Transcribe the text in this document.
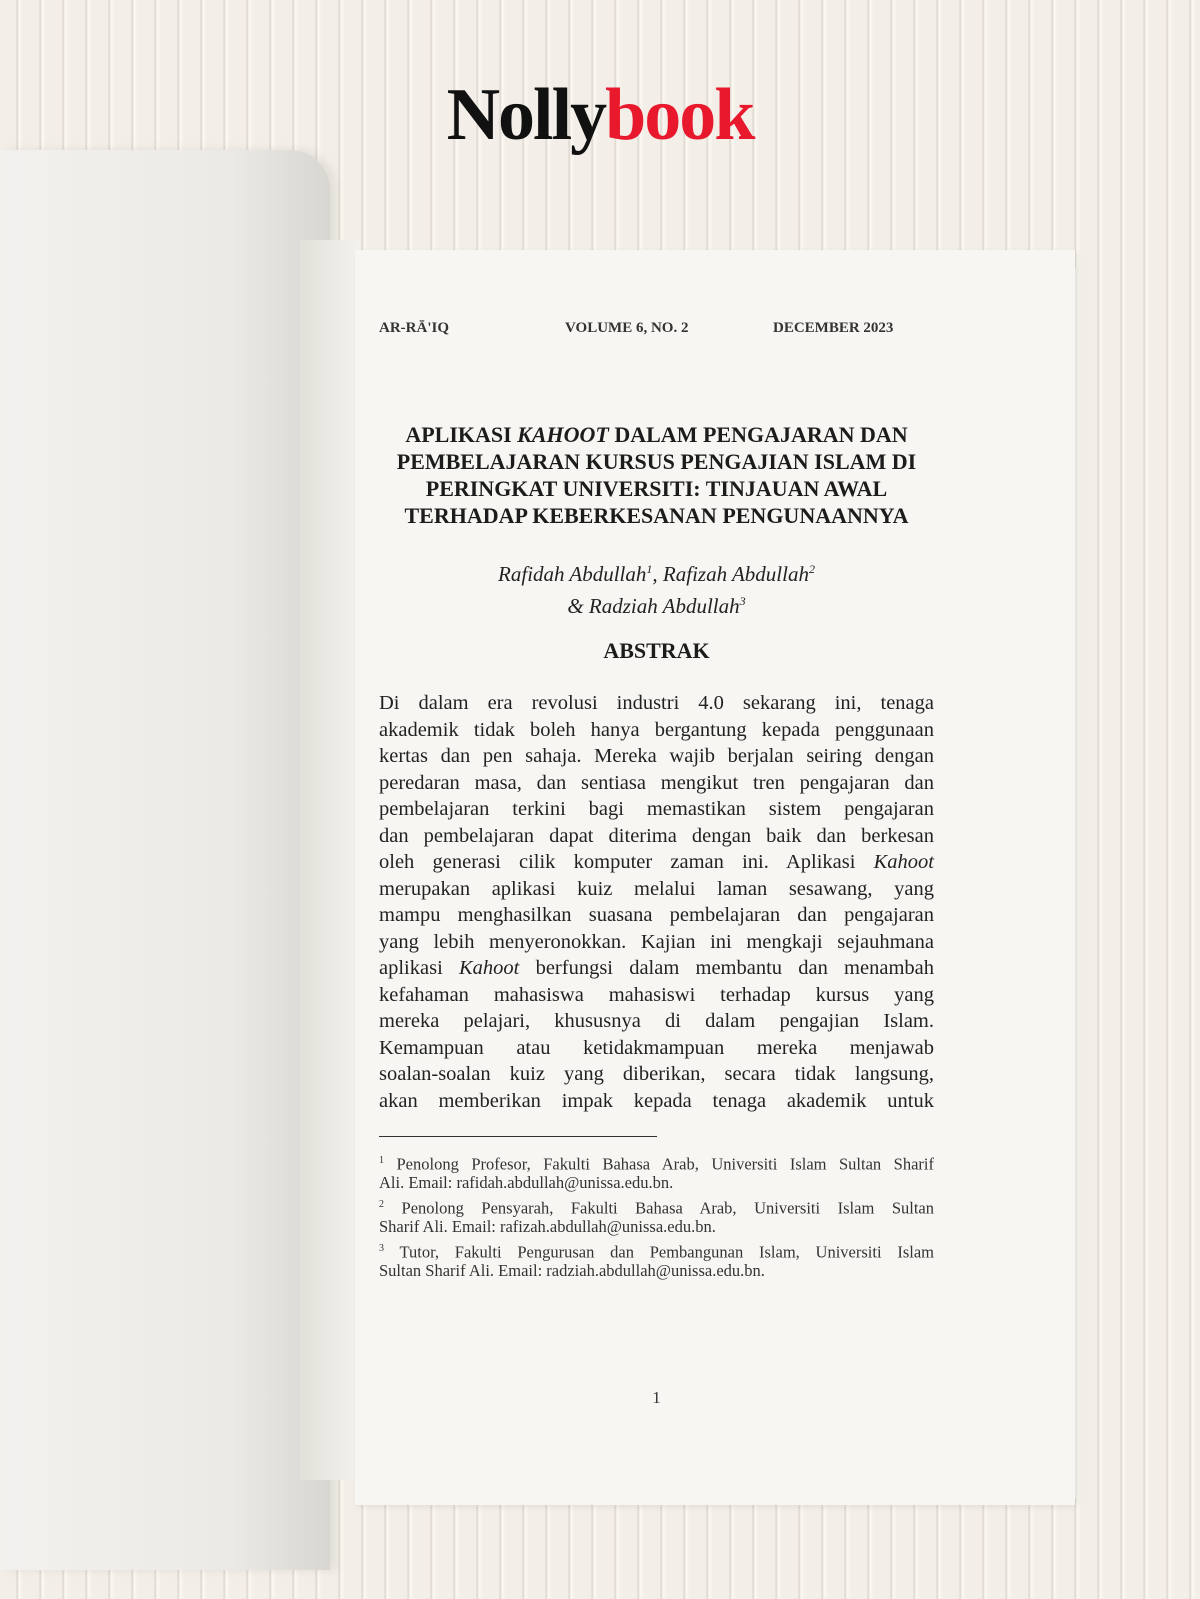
Nollybook
AR-RĀ'IQ	VOLUME 6, NO. 2	DECEMBER 2023
APLIKASI KAHOOT DALAM PENGAJARAN DAN
PEMBELAJARAN KURSUS PENGAJIAN ISLAM DI
PERINGKAT UNIVERSITI: TINJAUAN AWAL
TERHADAP KEBERKESANAN PENGUNAANNYA
Rafidah Abdullah$^1$, Rafizah Abdullah$^2$
& Radziah Abdullah$^3$
ABSTRAK
Di dalam era revolusi industri 4.0 sekarang ini, tenaga
akademik tidak boleh hanya bergantung kepada penggunaan
kertas dan pen sahaja. Mereka wajib berjalan seiring dengan
peredaran masa, dan sentiasa mengikut tren pengajaran dan
pembelajaran terkini bagi memastikan sistem pengajaran
dan pembelajaran dapat diterima dengan baik dan berkesan
oleh generasi cilik komputer zaman ini. Aplikasi Kahoot
merupakan aplikasi kuiz melalui laman sesawang, yang
mampu menghasilkan suasana pembelajaran dan pengajaran
yang lebih menyeronokkan. Kajian ini mengkaji sejauhmana
aplikasi Kahoot berfungsi dalam membantu dan menambah
kefahaman mahasiswa mahasiswi terhadap kursus yang
mereka pelajari, khususnya di dalam pengajian Islam.
Kemampuan atau ketidakmampuan mereka menjawab
soalan-soalan kuiz yang diberikan, secara tidak langsung,
akan memberikan impak kepada tenaga akademik untuk
$^1$ Penolong Profesor, Fakulti Bahasa Arab, Universiti Islam Sultan Sharif
Ali. Email: rafidah.abdullah@unissa.edu.bn.
$^2$ Penolong Pensyarah, Fakulti Bahasa Arab, Universiti Islam Sultan
Sharif Ali. Email: rafizah.abdullah@unissa.edu.bn.
$^3$ Tutor, Fakulti Pengurusan dan Pembangunan Islam, Universiti Islam
Sultan Sharif Ali. Email: radziah.abdullah@unissa.edu.bn.
1
